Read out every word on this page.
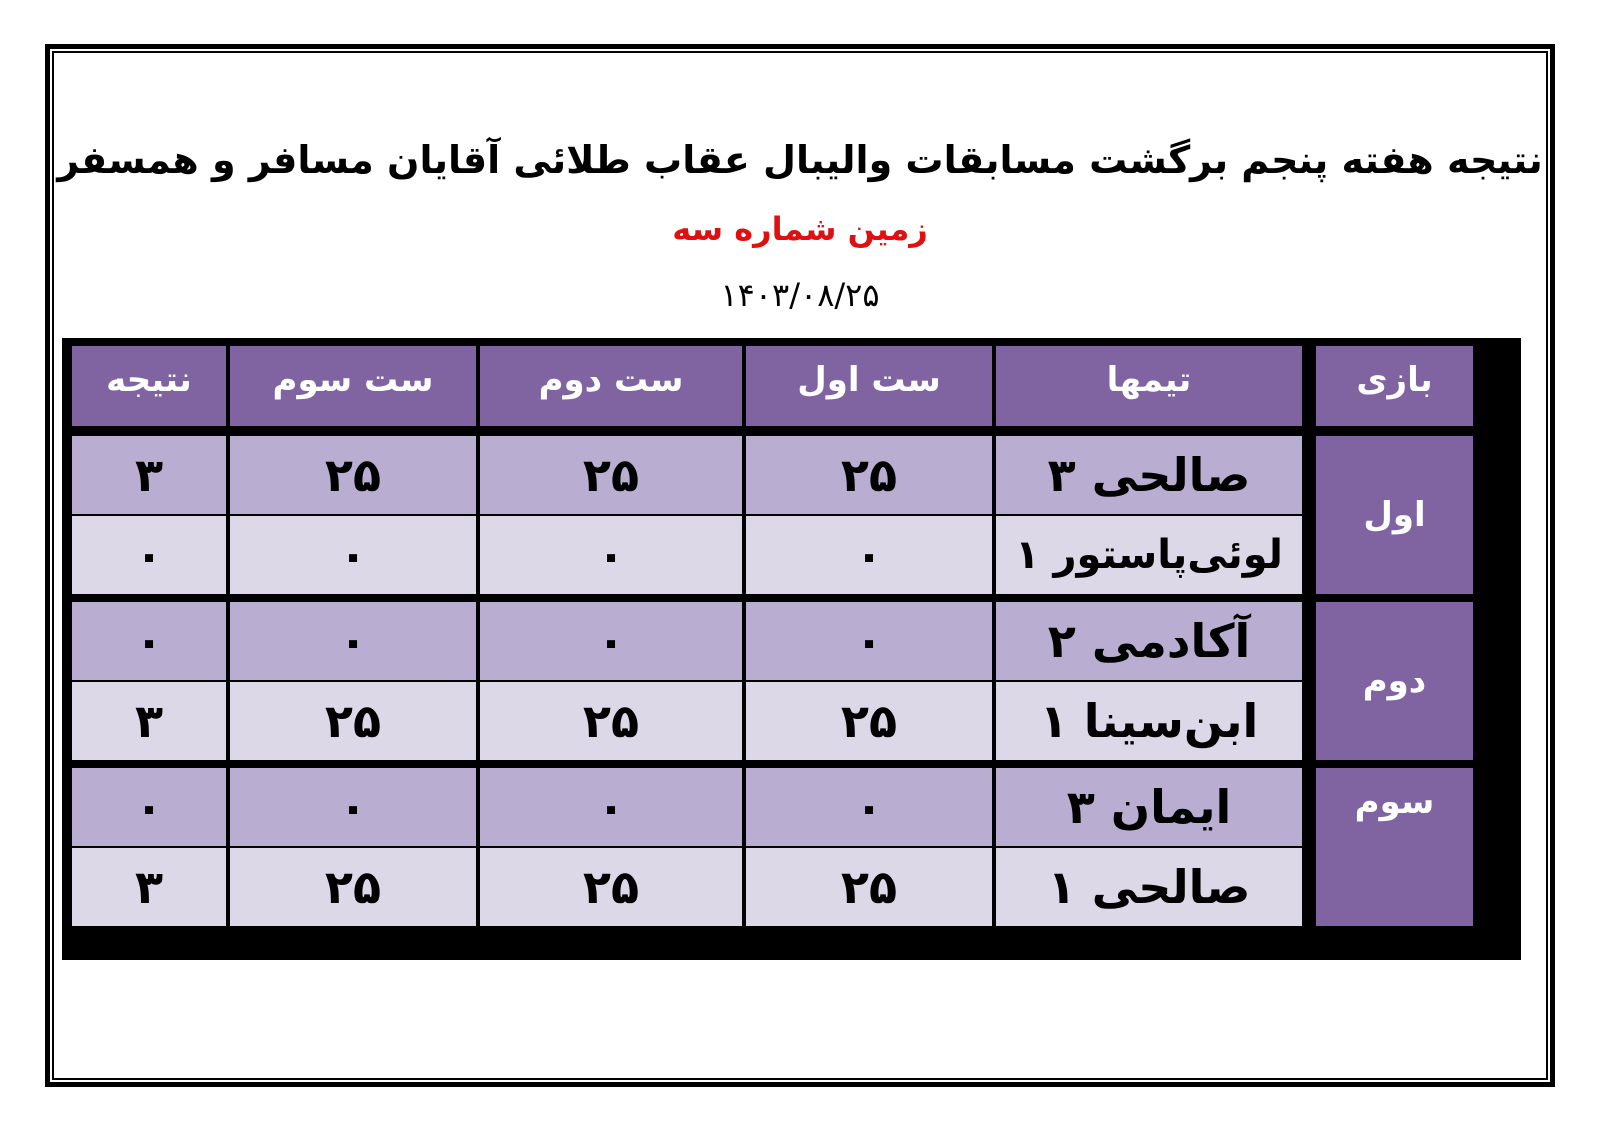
نتیجه هفته پنجم برگشت مسابقات والیبال عقاب طلائی آقایان مسافر و همسفر
زمین شماره سه
۱۴۰۳/۰۸/۲۵
بازی
تیمها
ست اول
ست دوم
ست سوم
نتیجه
اول
صالحی ۳
۲۵
۲۵
۲۵
۳
لوئی‌پاستور ۱
۰
۰
۰
۰
دوم
آکادمی ۲
۰
۰
۰
۰
ابن‌سینا ۱
۲۵
۲۵
۲۵
۳
سوم
ایمان ۳
۰
۰
۰
۰
صالحی ۱
۲۵
۲۵
۲۵
۳
